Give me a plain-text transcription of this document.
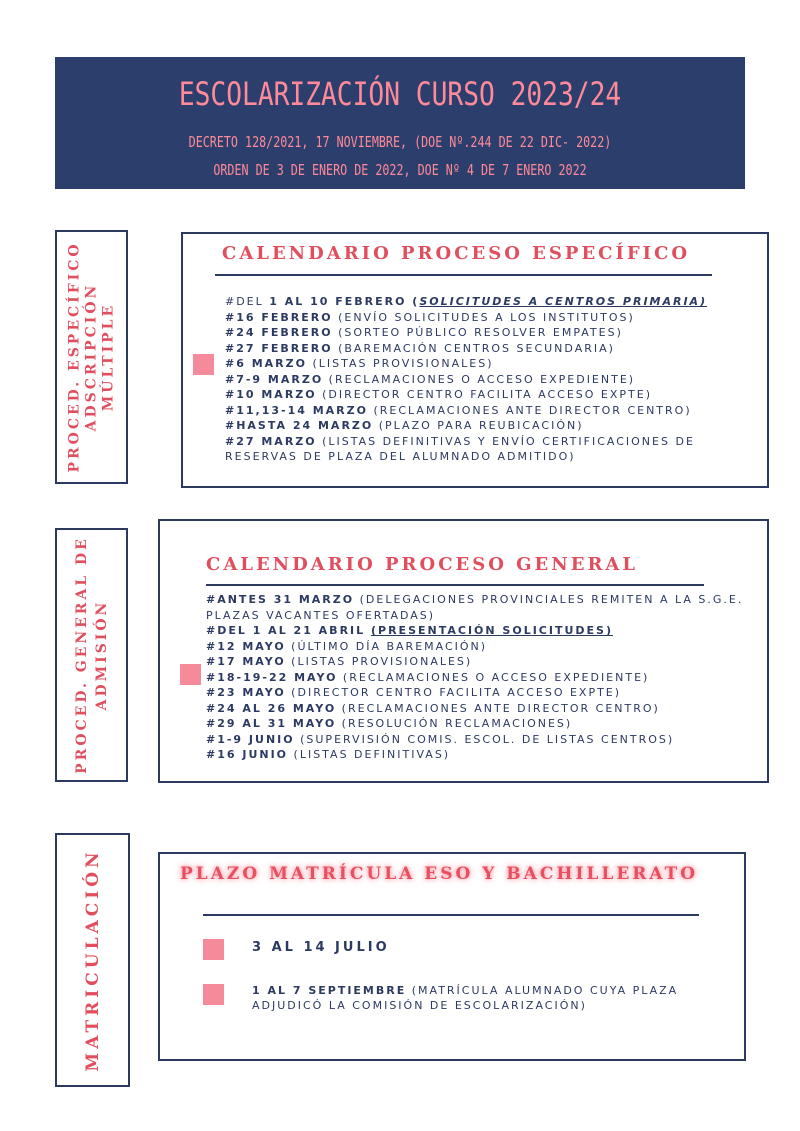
ESCOLARIZACIÓN CURSO 2023/24
DECRETO 128/2021, 17 NOVIEMBRE, (DOE Nº.244 DE 22 DIC- 2022)
ORDEN DE 3 DE ENERO DE 2022, DOE Nº 4 DE 7 ENERO 2022
PROCED. ESPECÍFICO ADSCRIPCIÓN MÚLTIPLE
CALENDARIO PROCESO ESPECÍFICO
#DEL 1 AL 10 FEBRERO (SOLICITUDES A CENTROS PRIMARIA)
#16 FEBRERO (ENVÍO SOLICITUDES A LOS INSTITUTOS)
#24 FEBRERO (SORTEO PÚBLICO RESOLVER EMPATES)
#27 FEBRERO (BAREMACIÓN CENTROS SECUNDARIA)
#6 MARZO (LISTAS PROVISIONALES)
#7-9 MARZO (RECLAMACIONES O ACCESO EXPEDIENTE)
#10 MARZO (DIRECTOR CENTRO FACILITA ACCESO EXPTE)
#11,13-14 MARZO (RECLAMACIONES ANTE DIRECTOR CENTRO)
#HASTA 24 MARZO (PLAZO PARA REUBICACIÓN)
#27 MARZO (LISTAS DEFINITIVAS Y ENVÍO CERTIFICACIONES DE RESERVAS DE PLAZA DEL ALUMNADO ADMITIDO)
PROCED. GENERAL DE ADMISIÓN
CALENDARIO PROCESO GENERAL
#ANTES 31 MARZO (DELEGACIONES PROVINCIALES REMITEN A LA S.G.E. PLAZAS VACANTES OFERTADAS)
#DEL 1 AL 21 ABRIL (PRESENTACIÓN SOLICITUDES)
#12 MAYO (ÚLTIMO DÍA BAREMACIÓN)
#17 MAYO (LISTAS PROVISIONALES)
#18-19-22 MAYO (RECLAMACIONES O ACCESO EXPEDIENTE)
#23 MAYO (DIRECTOR CENTRO FACILITA ACCESO EXPTE)
#24 AL 26 MAYO (RECLAMACIONES ANTE DIRECTOR CENTRO)
#29 AL 31 MAYO (RESOLUCIÓN RECLAMACIONES)
#1-9 JUNIO (SUPERVISIÓN COMIS. ESCOL. DE LISTAS CENTROS)
#16 JUNIO (LISTAS DEFINITIVAS)
MATRICULACIÓN	PLAZO MATRÍCULA ESO Y BACHILLERATO
3 AL 14 JULIO
1 AL 7 SEPTIEMBRE (MATRÍCULA ALUMNADO CUYA PLAZA ADJUDICÓ LA COMISIÓN DE ESCOLARIZACIÓN)
